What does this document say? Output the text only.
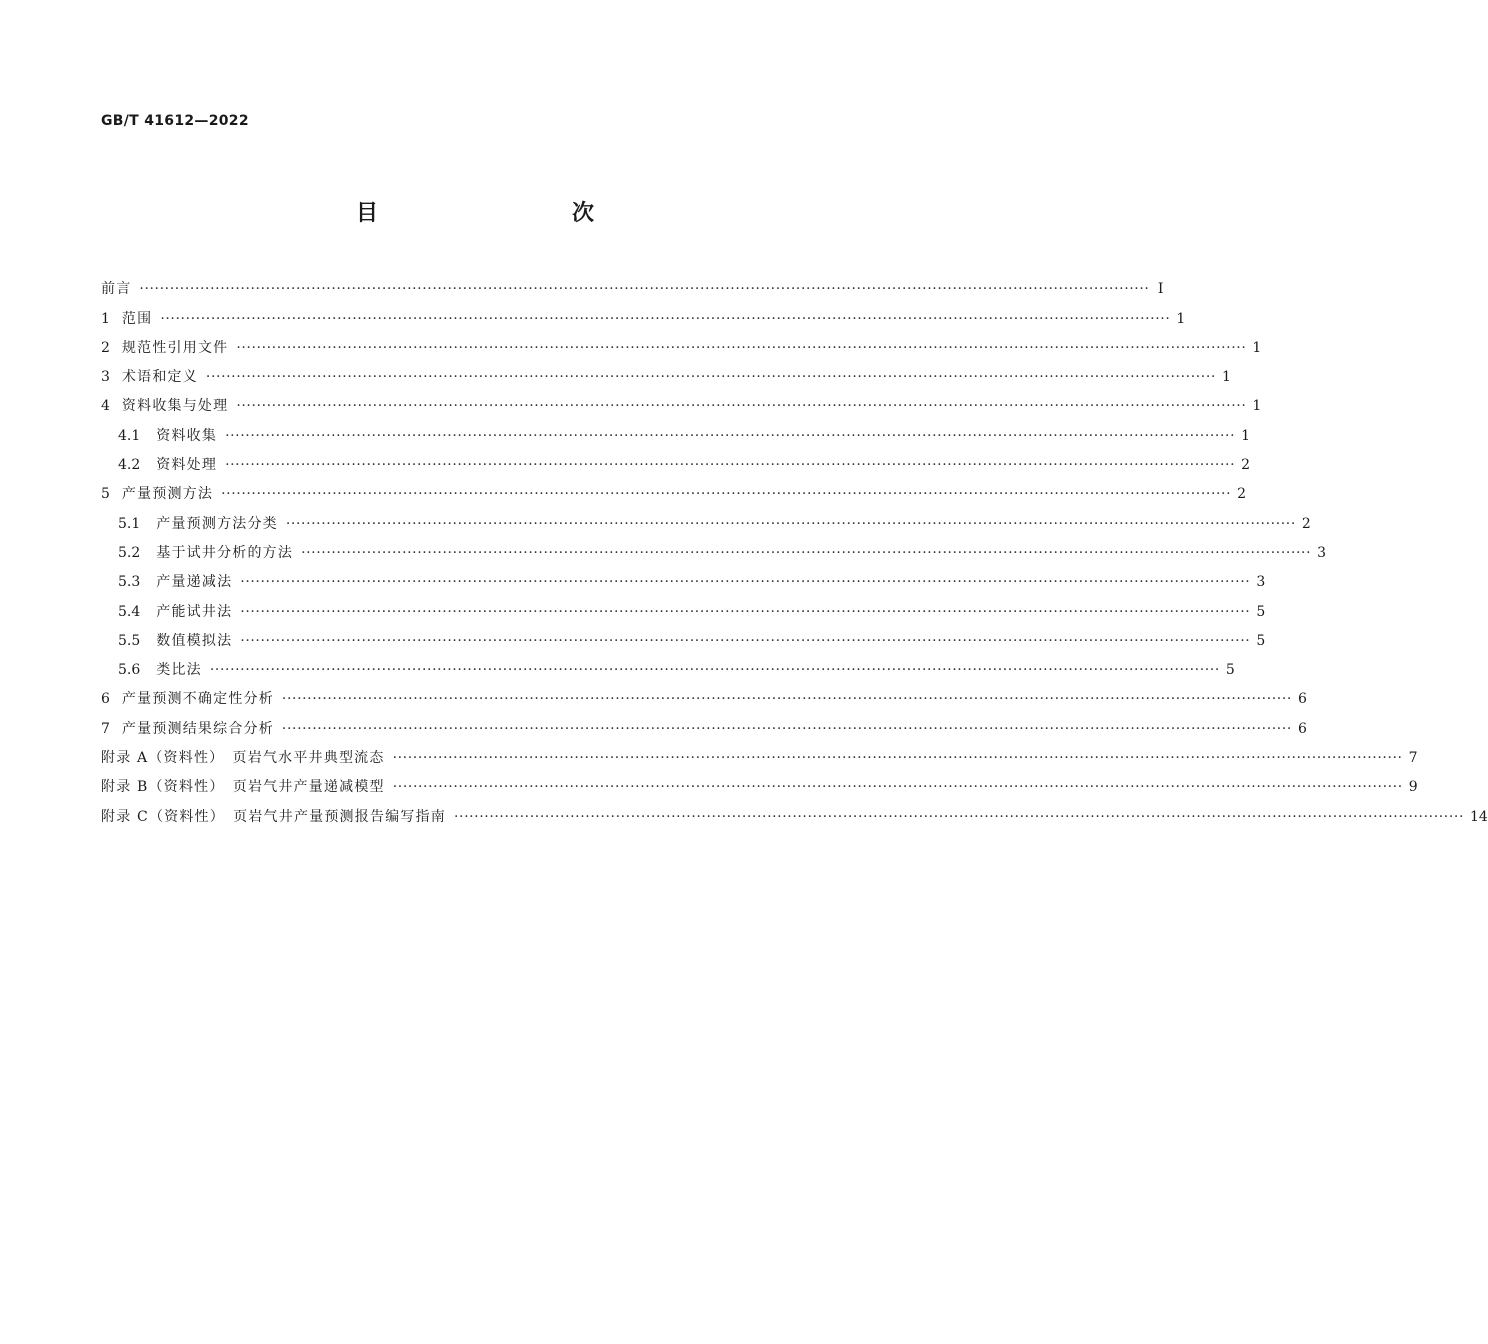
GB/T 41612—2022
目　　次
前言 ········································································································································································································ Ⅰ
1 范围 ········································································································································································································ 1
2 规范性引用文件 ········································································································································································································ 1
3 术语和定义 ········································································································································································································ 1
4 资料收集与处理 ········································································································································································································ 1
4.1 资料收集 ········································································································································································································ 1
4.2 资料处理 ········································································································································································································ 2
5 产量预测方法 ········································································································································································································ 2
5.1 产量预测方法分类 ········································································································································································································ 2
5.2 基于试井分析的方法 ········································································································································································································ 3
5.3 产量递减法 ········································································································································································································ 3
5.4 产能试井法 ········································································································································································································ 5
5.5 数值模拟法 ········································································································································································································ 5
5.6 类比法 ········································································································································································································ 5
6 产量预测不确定性分析 ········································································································································································································ 6
7 产量预测结果综合分析 ········································································································································································································ 6
附录 A（资料性）　页岩气水平井典型流态 ········································································································································································································ 7
附录 B（资料性）　页岩气井产量递减模型 ········································································································································································································ 9
附录 C（资料性）　页岩气井产量预测报告编写指南 ········································································································································································································ 14
